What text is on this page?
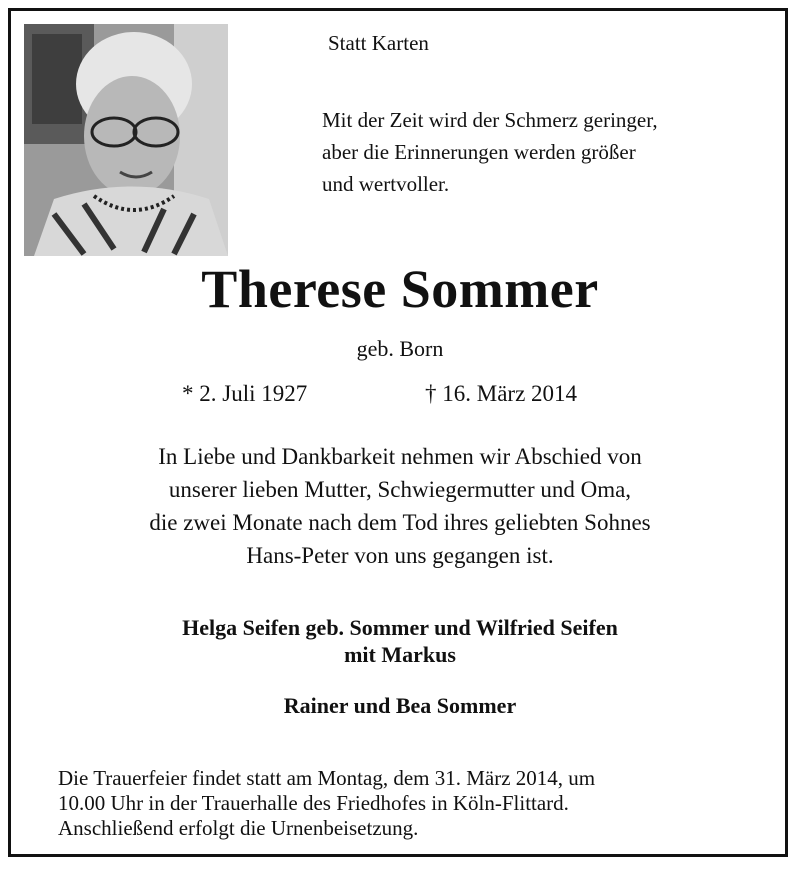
Statt Karten

Mit der Zeit wird der Schmerz geringer,
aber die Erinnerungen werden größer
und wertvoller.
Therese Sommer

geb. Born

* 2. Juli 1927	† 16. März 2014

In Liebe und Dankbarkeit nehmen wir Abschied von
unserer lieben Mutter, Schwiegermutter und Oma,
die zwei Monate nach dem Tod ihres geliebten Sohnes
Hans-Peter von uns gegangen ist.
Helga Seifen geb. Sommer und Wilfried Seifen
mit Markus
Rainer und Bea Sommer
Die Trauerfeier findet statt am Montag, dem 31. März 2014, um
10.00 Uhr in der Trauerhalle des Friedhofes in Köln-Flittard.
Anschließend erfolgt die Urnenbeisetzung.
